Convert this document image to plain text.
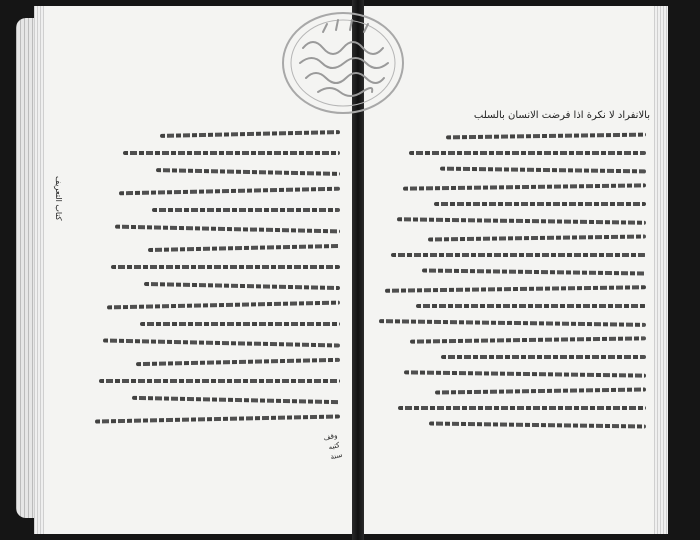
كتاب التعريف
بالانفراد لا نكرة اذا فرضت الانسان بالسلب
وقف
كتبه
سنة
